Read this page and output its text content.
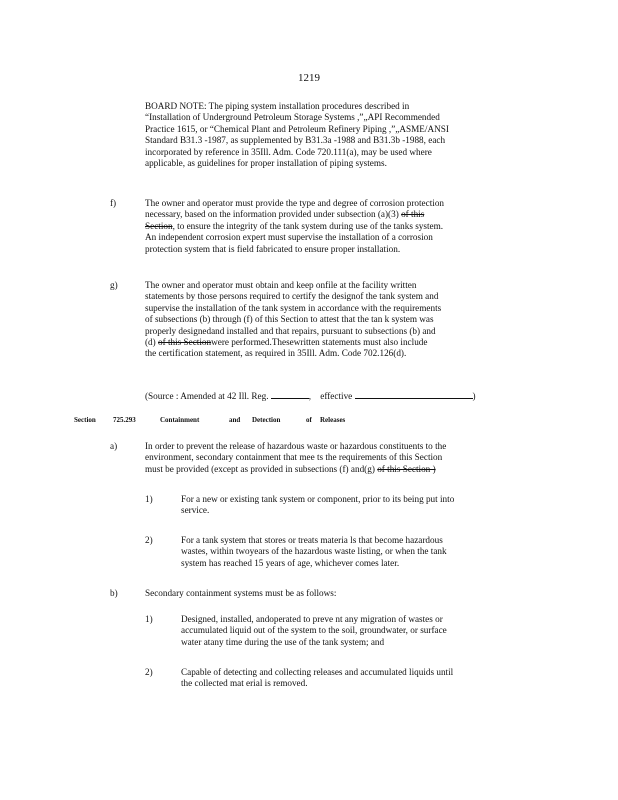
1219

BOARD NOTE: The piping system installation procedures described in

“Installation of Underground Petroleum Storage Systems ,”„API Recommended

Practice 1615, or “Chemical Plant and Petroleum Refinery Piping ,”„ASME/ANSI

Standard B31.3 -1987, as supplemented by B31.3a -1988 and B31.3b -1988, each

incorporated by reference in 35Ill. Adm. Code 720.111(a), may be used where

applicable, as guidelines for proper installation of piping systems.

f)	The owner and operator must provide the type and degree of corrosion protection

necessary, based on the information provided under subsection (a)(3) of this

Section, to ensure the integrity of the tank system during use of the tanks system.

An independent corrosion expert must supervise the installation of a corrosion

protection system that is field fabricated to ensure proper installation.

g)	The owner and operator must obtain and keep onfile at the facility written

statements by those persons required to certify the designof the tank system and

supervise the installation of the tank system in accordance with the requirements

of subsections (b) through (f) of this Section to attest that the tan k system was

properly designedand installed and that repairs, pursuant to subsections (b) and

(d) of this Sectionwere performed.Thesewritten statements must also include

the certification statement, as required in 35Ill. Adm. Code 702.126(d).

(Source : Amended at 42 Ill. Reg.	, effective	)
Section 725.293	Containment	and Detection	of Releases
a)	In order to prevent the release of hazardous waste or hazardous constituents to the

environment, secondary containment that mee ts the requirements of this Section

must be provided (except as provided in subsections (f) and(g) of this Section )

1)	For a new or existing tank system or component, prior to its being put into

service.

2)	For a tank system that stores or treats materia ls that become hazardous

wastes, within twoyears of the hazardous waste listing, or when the tank

system has reached 15 years of age, whichever comes later.

b)	Secondary containment systems must be as follows:

1)	Designed, installed, andoperated to preve nt any migration of wastes or

accumulated liquid out of the system to the soil, groundwater, or surface

water atany time during the use of the tank system; and

2)	Capable of detecting and collecting releases and accumulated liquids until

the collected mat erial is removed.
